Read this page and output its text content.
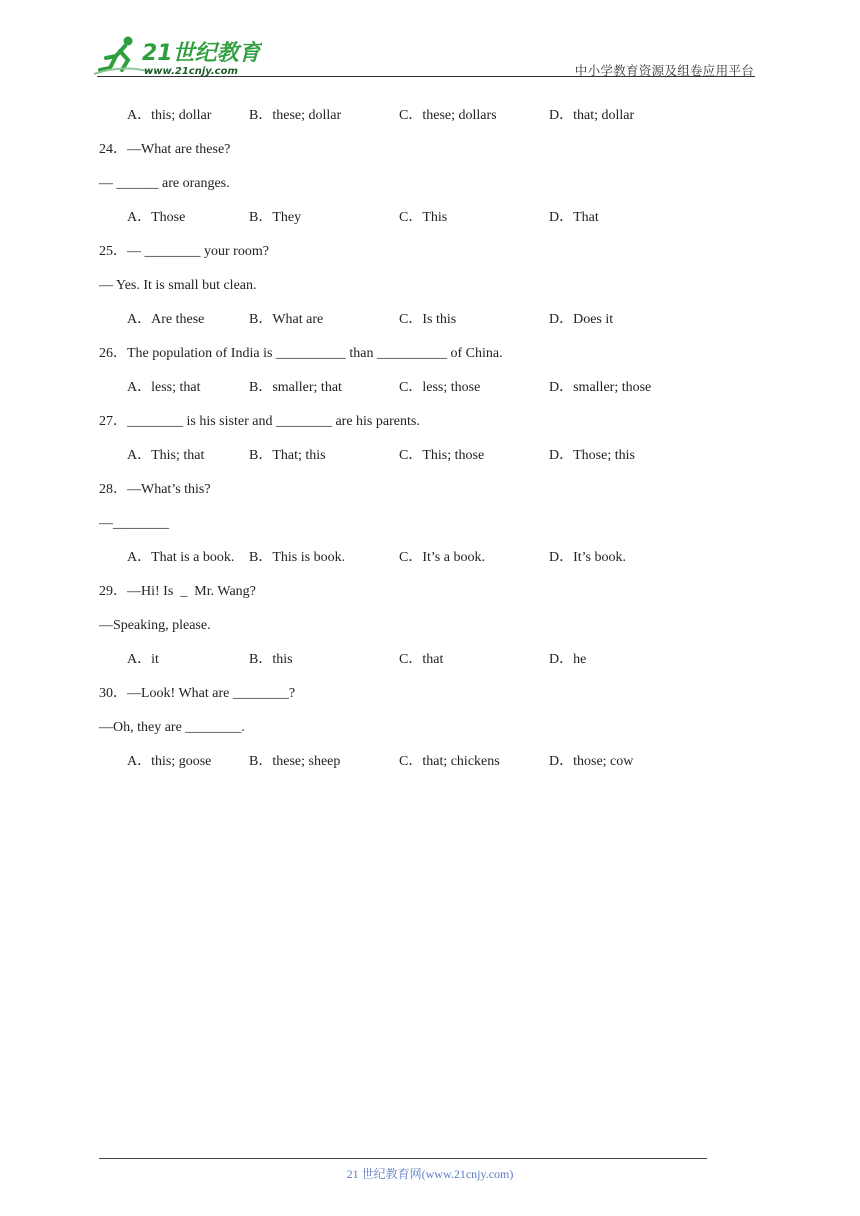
21世纪教育
www.21cnjy.com	中小学教育资源及组卷应用平台
A．this; dollar	B．these; dollar	C．these; dollars	D．that; dollar
24．—What are these?
— ______ are oranges.
A．Those	B．They	C．This	D．That
25．— ________ your room?
— Yes. It is small but clean.
A．Are these	B．What are	C．Is this	D．Does it
26．The population of India is __________ than __________ of China.
A．less; that	B．smaller; that	C．less; those	D．smaller; those
27．________ is his sister and ________ are his parents.
A．This; that	B．That; this	C．This; those	D．Those; this
28．—What’s this?
—________
A．That is a book. B．This is book.	C．It’s a book.	D．It’s book.
29．—Hi! Is  _  Mr. Wang?
—Speaking, please.
A．it	B．this	C．that	D．he
30．—Look! What are ________?
—Oh, they are ________.
A．this; goose	B．these; sheep	C．that; chickens	D．those; cow
21 世纪教育网(www.21cnjy.com)
